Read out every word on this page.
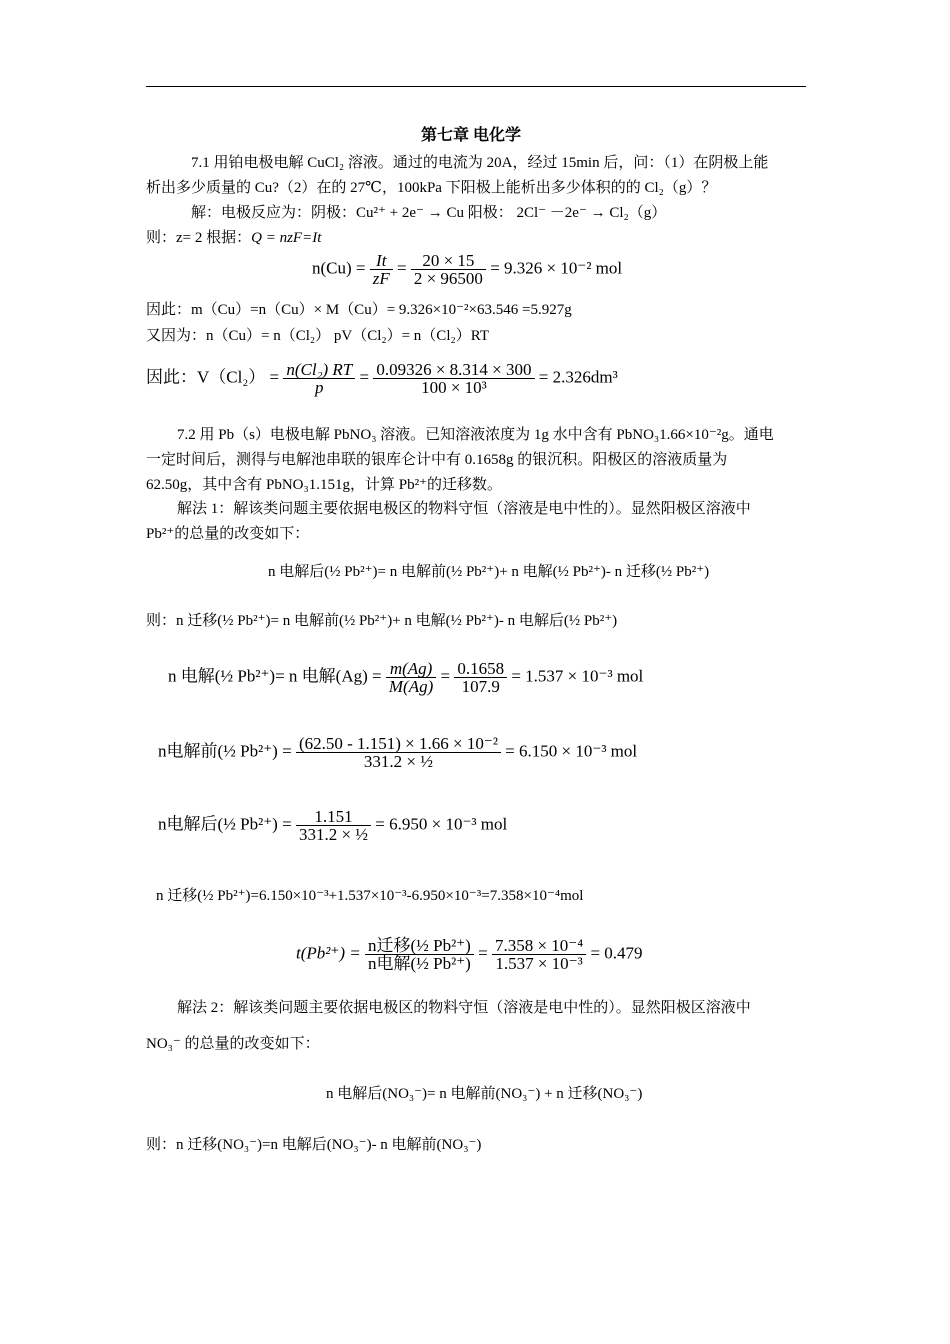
第七章 电化学
7.1 用铂电极电解 CuCl₂ 溶液。通过的电流为 20A，经过 15min 后，问：（1）在阴极上能
析出多少质量的 Cu?（2）在的 27℃，100kPa 下阳极上能析出多少体积的的 Cl₂（g）？
解：电极反应为：阴极：Cu²⁺ + 2e⁻ → Cu 阳极： 2Cl⁻ －2e⁻ → Cl₂（g）
则：z= 2 根据：Q = nzF=It
$n(Cu) = \frac{It}{zF} = \frac{20 \times 15}{2 \times 96500} = 9.326 \times 10^{-2}$ mol
因此：m（Cu）=n（Cu）× M（Cu）= 9.326×10⁻²×63.546 =5.927g
又因为：n（Cu）= n（Cl₂） pV（Cl₂）= n（Cl₂）RT
因此：$V(Cl_2) = \frac{\text{n(Cl₂) RT}}{p} = \frac{0.09326 \times 8.314 \times 300}{\text{100 × 10³}} = 2.326dm^3$
7.2 用 Pb（s）电极电解 PbNO₃ 溶液。已知溶液浓度为 1g 水中含有 PbNO₃1.66×10⁻²g。通电
一定时间后，测得与电解池串联的银库仑计中有 0.1658g 的银沉积。阳极区的溶液质量为
62.50g，其中含有 PbNO₃1.151g，计算 Pb²⁺的迁移数。
解法 1：解该类问题主要依据电极区的物料守恒（溶液是电中性的）。显然阳极区溶液中
Pb²⁺的总量的改变如下：
n 电解后(½ Pb²⁺)= n 电解前(½ Pb²⁺)+ n 电解(½ Pb²⁺)- n 迁移(½ Pb²⁺)
则：n 迁移(½ Pb²⁺)= n 电解前(½ Pb²⁺)+ n 电解(½ Pb²⁺)- n 电解后(½ Pb²⁺)
n 电解(½ Pb²⁺)= n 电解$(Ag) = \frac{m(Ag)}{M(Ag)} = \frac{0.1658}{107.9} = 1.537 \times 10^{-3}$ mol
n电解前(½ $Pb^{2+}) = \frac{\text{(62.50 - 1.151) × 1.66 × 10⁻²}}{\text{331.2 × ½}} = 6.150 \times 10^{-3}$ mol
n电解后(½ $Pb^{2+}) = \frac{1.151}{\text{331.2 × ½}} = 6.950 \times 10^{-3}$ mol
n 迁移(½ Pb²⁺)=6.150×10⁻³+1.537×10⁻³-6.950×10⁻³=7.358×10⁻⁴mol
$t(Pb^{2+}) = \frac{\text{n迁移(½ Pb²⁺)}}{\text{n电解(½ Pb²⁺)}} = \frac{\text{7.358 × 10⁻⁴}}{\text{1.537 × 10⁻³}} = 0.479$
解法 2：解该类问题主要依据电极区的物料守恒（溶液是电中性的）。显然阳极区溶液中
NO₃⁻ 的总量的改变如下：
n 电解后(NO₃⁻)= n 电解前(NO₃⁻) + n 迁移(NO₃⁻)
则：n 迁移(NO₃⁻)=n 电解后(NO₃⁻)- n 电解前(NO₃⁻)
